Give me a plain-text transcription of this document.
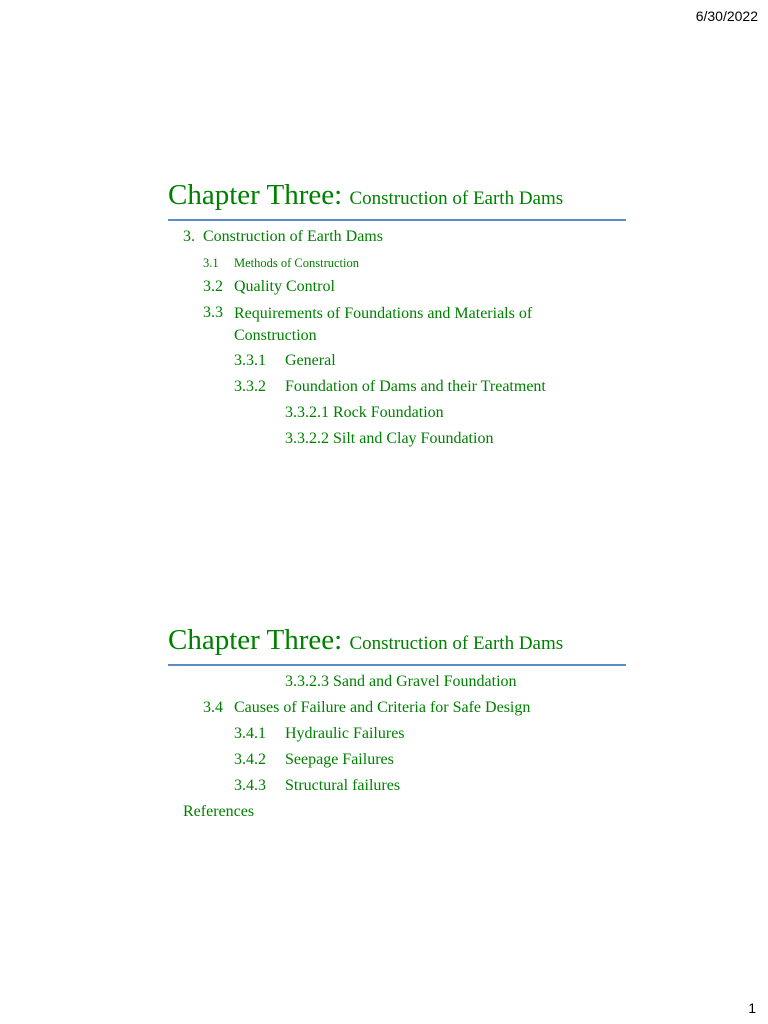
6/30/2022
Chapter Three: Construction of Earth Dams
3. Construction of Earth Dams
3.1 Methods of Construction
3.2 Quality Control
3.3 Requirements of Foundations and Materials of Construction
3.3.1 General
3.3.2 Foundation of Dams and their Treatment
3.3.2.1 Rock Foundation
3.3.2.2 Silt and Clay Foundation
Chapter Three: Construction of Earth Dams
3.3.2.3 Sand and Gravel Foundation
3.4 Causes of Failure and Criteria for Safe Design
3.4.1 Hydraulic Failures
3.4.2 Seepage Failures
3.4.3 Structural failures
References
1
